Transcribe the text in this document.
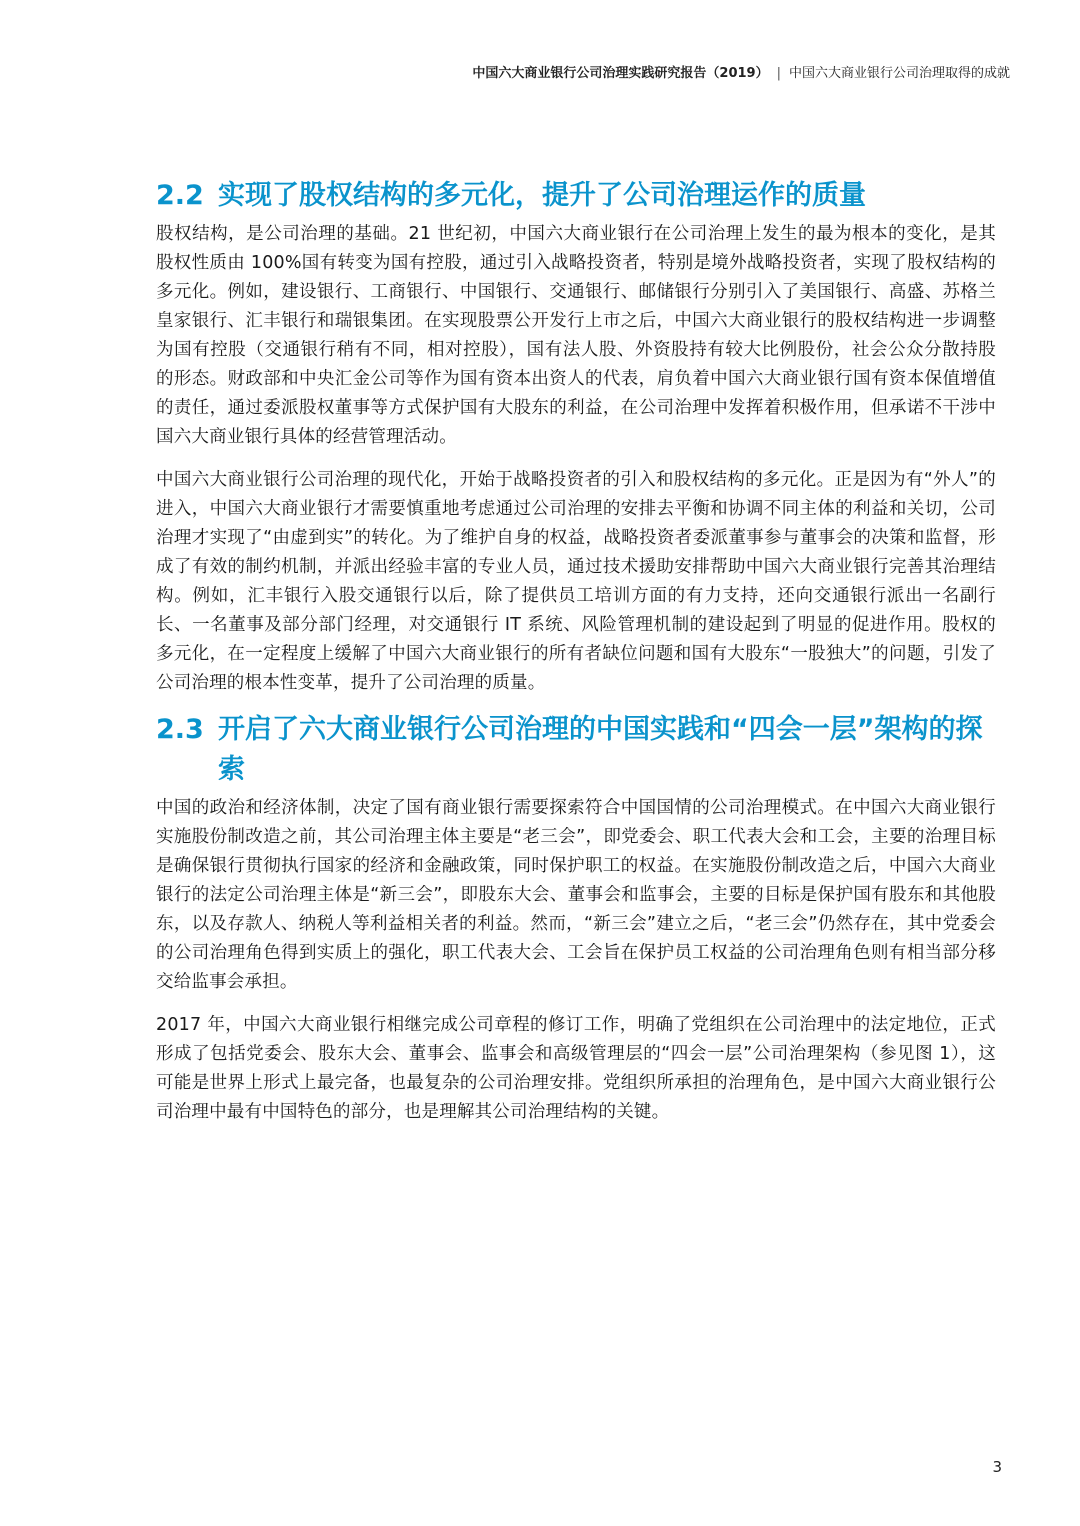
中国六大商业银行公司治理实践研究报告（2019） | 中国六大商业银行公司治理取得的成就
2.2 实现了股权结构的多元化，提升了公司治理运作的质量

股权结构，是公司治理的基础。21 世纪初，中国六大商业银行在公司治理上发生的最为根本的变化，是其股权性质由 100%国有转变为国有控股，通过引入战略投资者，特别是境外战略投资者，实现了股权结构的多元化。例如，建设银行、工商银行、中国银行、交通银行、邮储银行分别引入了美国银行、高盛、苏格兰皇家银行、汇丰银行和瑞银集团。在实现股票公开发行上市之后，中国六大商业银行的股权结构进一步调整为国有控股（交通银行稍有不同，相对控股），国有法人股、外资股持有较大比例股份，社会公众分散持股的形态。财政部和中央汇金公司等作为国有资本出资人的代表，肩负着中国六大商业银行国有资本保值增值的责任，通过委派股权董事等方式保护国有大股东的利益，在公司治理中发挥着积极作用，但承诺不干涉中国六大商业银行具体的经营管理活动。

中国六大商业银行公司治理的现代化，开始于战略投资者的引入和股权结构的多元化。正是因为有“外人”的进入，中国六大商业银行才需要慎重地考虑通过公司治理的安排去平衡和协调不同主体的利益和关切，公司治理才实现了“由虚到实”的转化。为了维护自身的权益，战略投资者委派董事参与董事会的决策和监督，形成了有效的制约机制，并派出经验丰富的专业人员，通过技术援助安排帮助中国六大商业银行完善其治理结构。例如，汇丰银行入股交通银行以后，除了提供员工培训方面的有力支持，还向交通银行派出一名副行长、一名董事及部分部门经理，对交通银行 IT 系统、风险管理机制的建设起到了明显的促进作用。股权的多元化，在一定程度上缓解了中国六大商业银行的所有者缺位问题和国有大股东“一股独大”的问题，引发了公司治理的根本性变革，提升了公司治理的质量。

2.3 开启了六大商业银行公司治理的中国实践和“四会一层”架构的探索

中国的政治和经济体制，决定了国有商业银行需要探索符合中国国情的公司治理模式。在中国六大商业银行实施股份制改造之前，其公司治理主体主要是“老三会”，即党委会、职工代表大会和工会，主要的治理目标是确保银行贯彻执行国家的经济和金融政策，同时保护职工的权益。在实施股份制改造之后，中国六大商业银行的法定公司治理主体是“新三会”，即股东大会、董事会和监事会，主要的目标是保护国有股东和其他股东，以及存款人、纳税人等利益相关者的利益。然而，“新三会”建立之后，“老三会”仍然存在，其中党委会的公司治理角色得到实质上的强化，职工代表大会、工会旨在保护员工权益的公司治理角色则有相当部分移交给监事会承担。

2017 年，中国六大商业银行相继完成公司章程的修订工作，明确了党组织在公司治理中的法定地位，正式形成了包括党委会、股东大会、董事会、监事会和高级管理层的“四会一层”公司治理架构（参见图 1），这可能是世界上形式上最完备，也最复杂的公司治理安排。党组织所承担的治理角色，是中国六大商业银行公司治理中最有中国特色的部分，也是理解其公司治理结构的关键。

3
